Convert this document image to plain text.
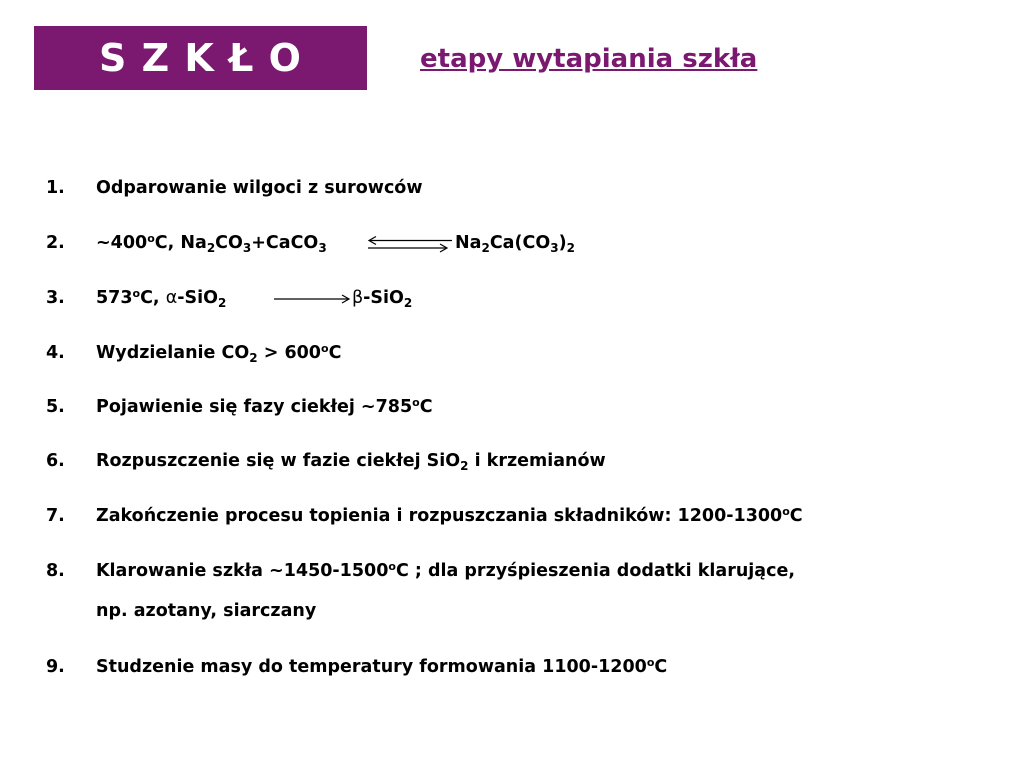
S Z K Ł O	etapy wytapiania szkła
1. Odparowanie wilgoci z surowców
2. ~400$^o$C, $Na_2CO_3+CaCO_3$	$Na_2Ca(CO_3)_2$
3. 573$^o$C, α-SiO$_2$	β-SiO$_2$
4. Wydzielanie $CO_2 > 600^oC$
5. Pojawienie się fazy ciekłej ~785$^o$C
6. Rozpuszczenie się w fazie ciekłej SiO$_2$ i krzemianów
7. Zakończenie procesu topienia i rozpuszczania składników: 1200-1300$^o$C
8. Klarowanie szkła ~1450-1500$^o$C ; dla przyśpieszenia dodatki klarujące,
np. azotany, siarczany
9. Studzenie masy do temperatury formowania 1100-1200$^o$C
